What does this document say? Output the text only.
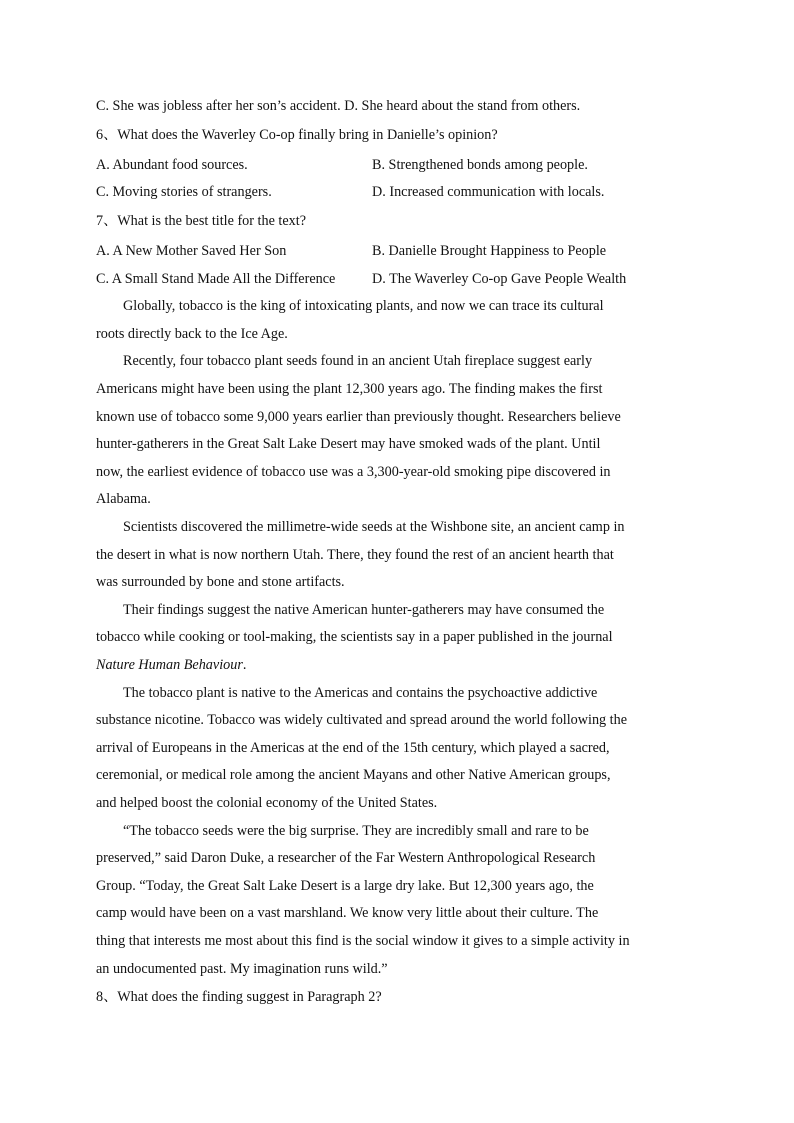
C. She was jobless after her son’s accident. D. She heard about the stand from others.
6、What does the Waverley Co-op finally bring in Danielle’s opinion?
A. Abundant food sources.	B. Strengthened bonds among people.
C. Moving stories of strangers.	D. Increased communication with locals.
7、What is the best title for the text?
A. A New Mother Saved Her Son	B. Danielle Brought Happiness to People
C. A Small Stand Made All the Difference	D. The Waverley Co-op Gave People Wealth
Globally, tobacco is the king of intoxicating plants, and now we can trace its cultural
roots directly back to the Ice Age.
Recently, four tobacco plant seeds found in an ancient Utah fireplace suggest early
Americans might have been using the plant 12,300 years ago. The finding makes the first
known use of tobacco some 9,000 years earlier than previously thought. Researchers believe
hunter-gatherers in the Great Salt Lake Desert may have smoked wads of the plant. Until
now, the earliest evidence of tobacco use was a 3,300-year-old smoking pipe discovered in
Alabama.
Scientists discovered the millimetre-wide seeds at the Wishbone site, an ancient camp in
the desert in what is now northern Utah. There, they found the rest of an ancient hearth that
was surrounded by bone and stone artifacts.
Their findings suggest the native American hunter-gatherers may have consumed the
tobacco while cooking or tool-making, the scientists say in a paper published in the journal
Nature Human Behaviour.
The tobacco plant is native to the Americas and contains the psychoactive addictive
substance nicotine. Tobacco was widely cultivated and spread around the world following the
arrival of Europeans in the Americas at the end of the 15th century, which played a sacred,
ceremonial, or medical role among the ancient Mayans and other Native American groups,
and helped boost the colonial economy of the United States.
“The tobacco seeds were the big surprise. They are incredibly small and rare to be
preserved,” said Daron Duke, a researcher of the Far Western Anthropological Research
Group. “Today, the Great Salt Lake Desert is a large dry lake. But 12,300 years ago, the
camp would have been on a vast marshland. We know very little about their culture. The
thing that interests me most about this find is the social window it gives to a simple activity in
an undocumented past. My imagination runs wild.”
8、What does the finding suggest in Paragraph 2?
